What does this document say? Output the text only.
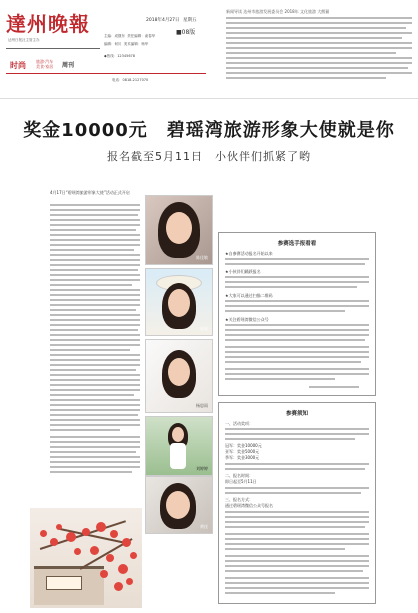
達州晚報
达州日报社主管主办
2018年4月27日 星期五
■08版
时尚	旅游·汽车
美食·家居 周刊
主编：成继东 责任编辑：俞春华
编辑：何川 美术编辑：杨华
◆热线：12345678
电话：0818-2127070
新闻导读 达州市旅游发展委员会 2018年 文化旅游 大熊猫
奖金10000元　碧瑶湾旅游形象大使就是你
报名截至5月11日　小伙伴们抓紧了哟
4月17日“碧瑶湾旅游形象大使”活动正式开启
陈佳敏
赵婧
杨思雨
刘婷婷
黄佳
参赛选手报看看
★自参赛活动报名开始以来
★小伙伴们踊跃报名
★大家可以通过扫描二维码
★关注碧瑶湾微信公众号
参赛须知
一、活动奖项：
冠军：奖金10000元
亚军：奖金5000元
季军：奖金3000元
二、报名时间：
即日起至5月11日
三、报名方式：
通过碧瑶湾微信公众号报名
